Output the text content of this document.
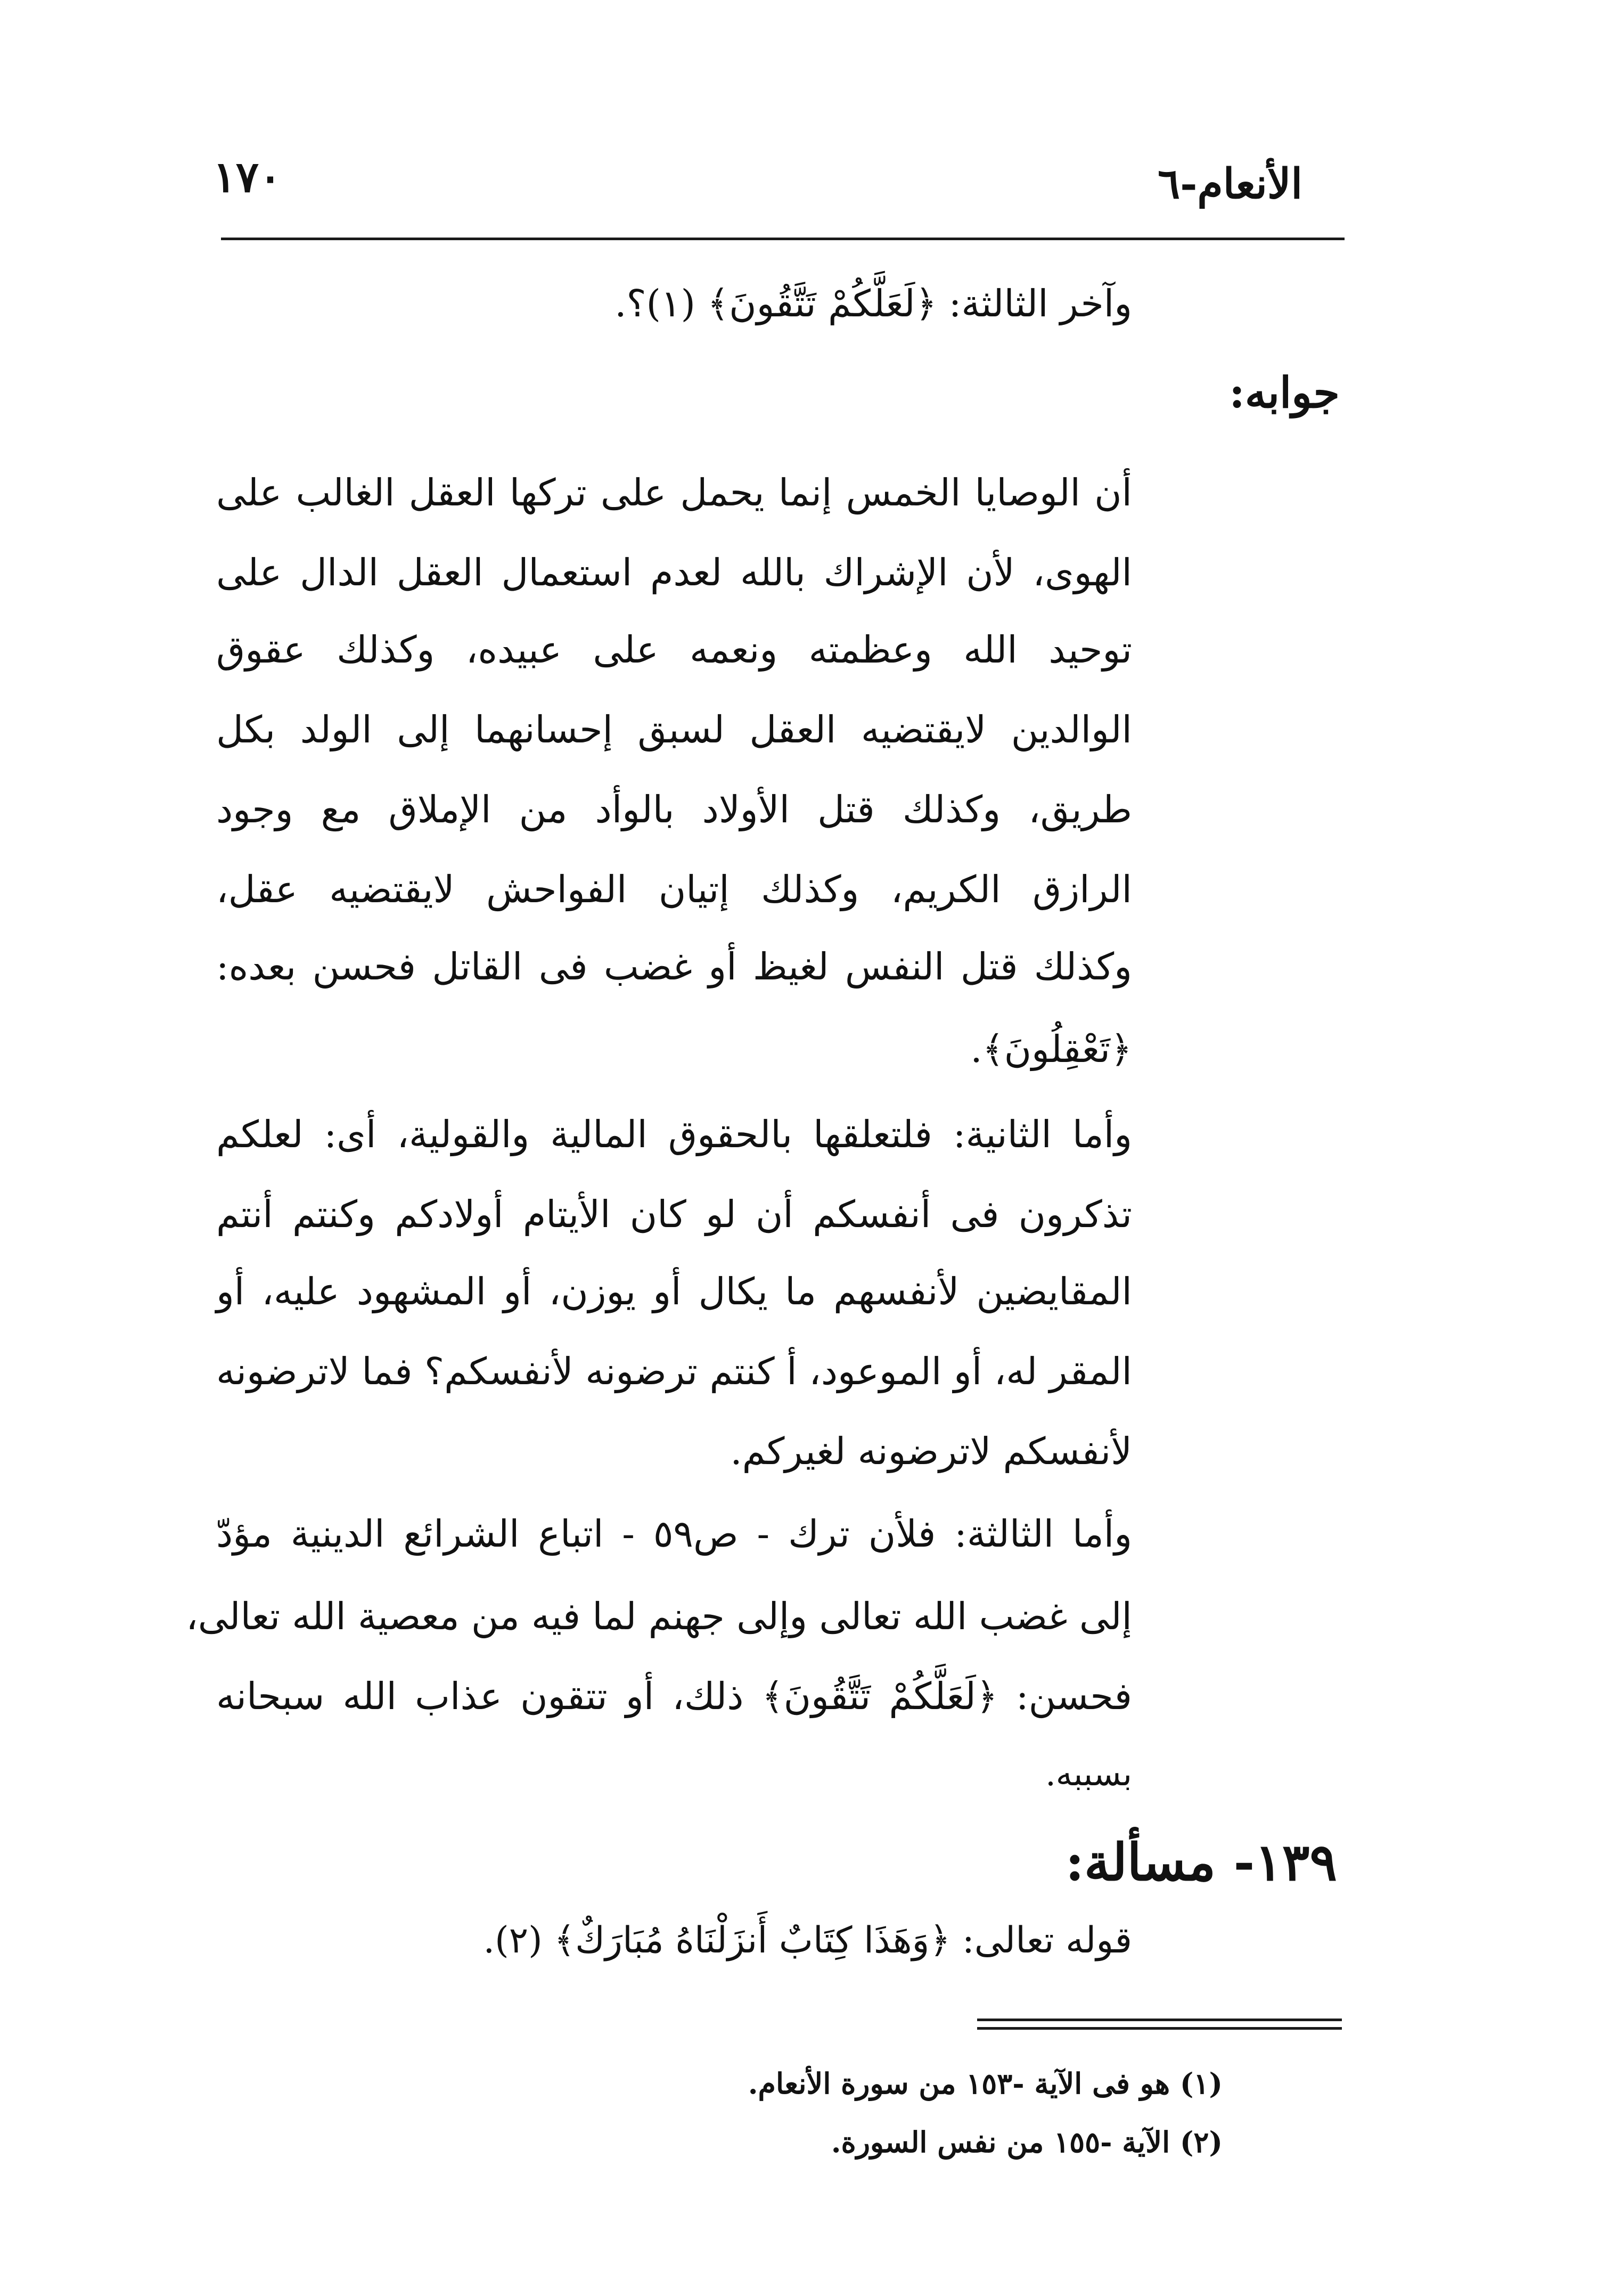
الأنعام-٦
١٧٠
وآخر الثالثة: ﴿لَعَلَّكُمْ تَتَّقُونَ﴾ (١)؟.
جوابه:
أن الوصايا الخمس إنما يحمل على تركها العقل الغالب على
الهوى، لأن الإشراك بالله لعدم استعمال العقل الدال على
توحيد الله وعظمته ونعمه على عبيده، وكذلك عقوق
الوالدين لايقتضيه العقل لسبق إحسانهما إلى الولد بكل
طريق، وكذلك قتل الأولاد بالوأد من الإملاق مع وجود
الرازق الكريم، وكذلك إتيان الفواحش لايقتضيه عقل،
وكذلك قتل النفس لغيظ أو غضب فى القاتل فحسن بعده:
﴿تَعْقِلُونَ﴾.
وأما الثانية: فلتعلقها بالحقوق المالية والقولية، أى: لعلكم
تذكرون فى أنفسكم أن لو كان الأيتام أولادكم وكنتم أنتم
المقايضين لأنفسهم ما يكال أو يوزن، أو المشهود عليه، أو
المقر له، أو الموعود، أ كنتم ترضونه لأنفسكم؟ فما لاترضونه
لأنفسكم لاترضونه لغيركم.
وأما الثالثة: فلأن ترك - ص٥٩ - اتباع الشرائع الدينية مؤدّ
إلى غضب الله تعالى وإلى جهنم لما فيه من معصية الله تعالى،
فحسن: ﴿لَعَلَّكُمْ تَتَّقُونَ﴾ ذلك، أو تتقون عذاب الله سبحانه
١٣٩- مسألة:
قوله تعالى: ﴿وَهَذَا كِتَابٌ أَنزَلْنَاهُ مُبَارَكٌ﴾ (٢).
(١) هو فى الآية -١٥٣ من سورة الأنعام.
(٢) الآية -١٥٥ من نفس السورة.
بسببه.
